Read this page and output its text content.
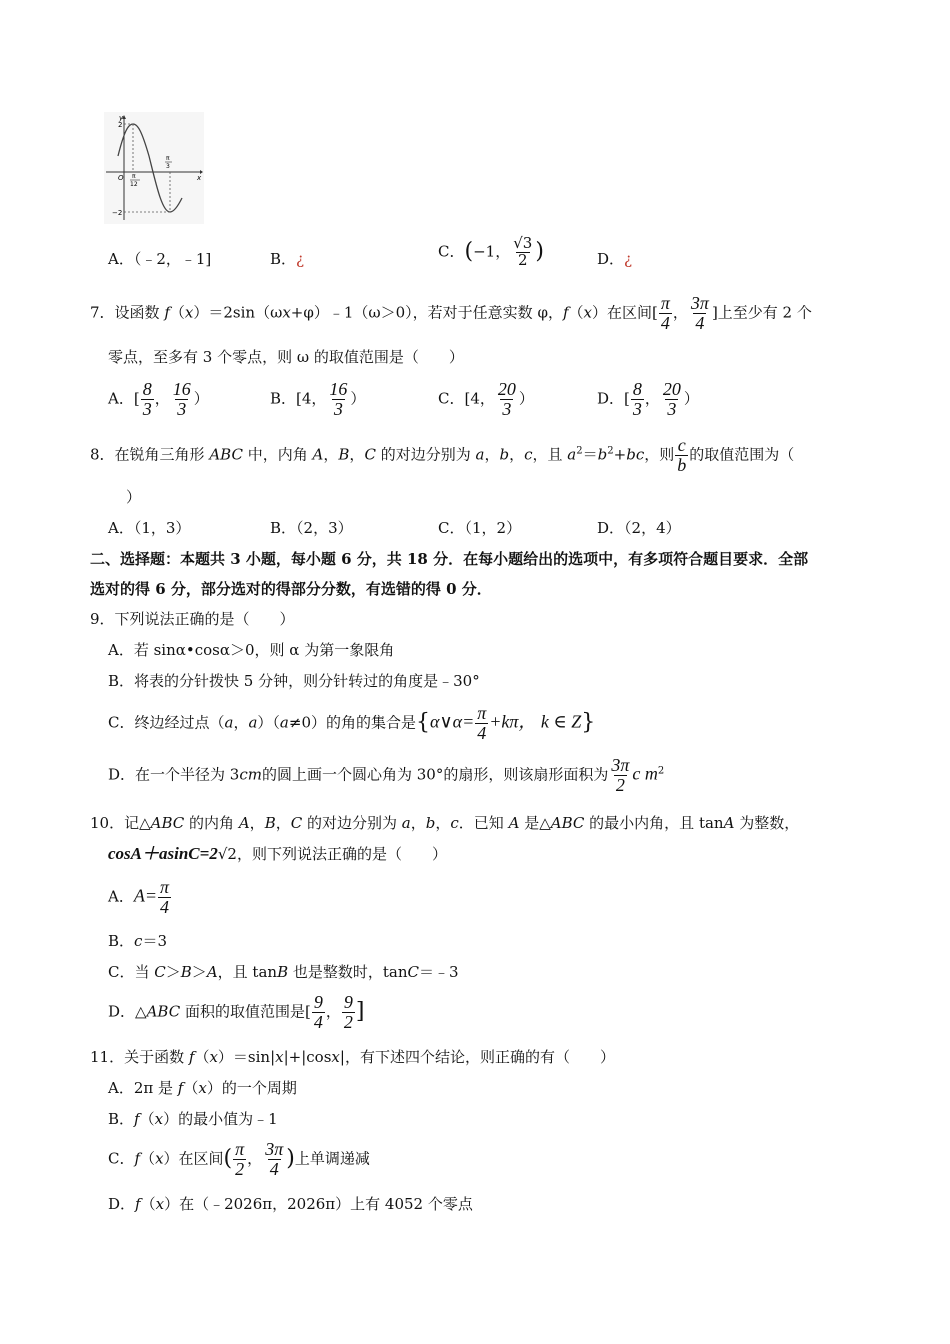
y
x
O
2
−2
π
12
π
3
A．（﹣2，﹣1]	B．¿	C．(−1， $\frac{√3}{2}$ )	D．¿
7．设函数 f（x）＝2sin（ωx+φ）﹣1（ω＞0），若对于任意实数 φ，f（x）在区间[ $\frac{\pi}{4}$ ， $\frac{3\pi}{4}$ ]上至少有 2 个
零点，至多有 3 个零点，则 ω 的取值范围是（　　）
A．[ $\frac{8}{3}$ ， $\frac{16}{3}$ ）	B．[4， $\frac{16}{3}$ ）	C．[4， $\frac{20}{3}$ ）	D．[ $\frac{8}{3}$ ， $\frac{20}{3}$ ）
8．在锐角三角形 ABC 中，内角 A，B，C 的对边分别为 a，b，c，且 $a^2=b^2+bc$，则 $\frac{c}{b}$ 的取值范围为（
）
A．（1，3）	B．（2，3）	C．（1，2）	D．（2，4）
二、选择题：本题共 3 小题，每小题 6 分，共 18 分．在每小题给出的选项中，有多项符合题目要求．全部
选对的得 6 分，部分选对的得部分分数，有选错的得 0 分．
9．下列说法正确的是（　　）
A．若 sinα•cosα＞0，则 α 为第一象限角
B．将表的分针拨快 5 分钟，则分针转过的角度是﹣30°
C．终边经过点（a，a）（a≠0）的角的集合是{α∨α= $\frac{\pi}{4} +k\pi$， k ∈ Z}
D．在一个半径为 3cm的圆上画一个圆心角为 30°的扇形，则该扇形面积为 $\frac{3\pi}{2}$ c $m^2$
10．记△ABC 的内角 A，B，C 的对边分别为 a，b，c．已知 A 是△ABC 的最小内角，且 tanA 为整数，
cosA＋asinC=2√2，则下列说法正确的是（　　）
A．$A= \frac{\pi}{4}$
B．c＝3
C．当 C＞B＞A，且 tanB 也是整数时，tanC＝﹣3
D．△ABC 面积的取值范围是[ $\frac{9}{4}$ ， $\frac{9}{2}$ ]
11．关于函数 f（x）＝sin|x|+|cosx|，有下述四个结论，则正确的有（　　）
A．2π 是 f（x）的一个周期
B．f（x）的最小值为﹣1
C．f（x）在区间( $\frac{\pi}{2}$ ， $\frac{3\pi}{4}$ )上单调递减
D．f（x）在（﹣2026π，2026π）上有 4052 个零点
